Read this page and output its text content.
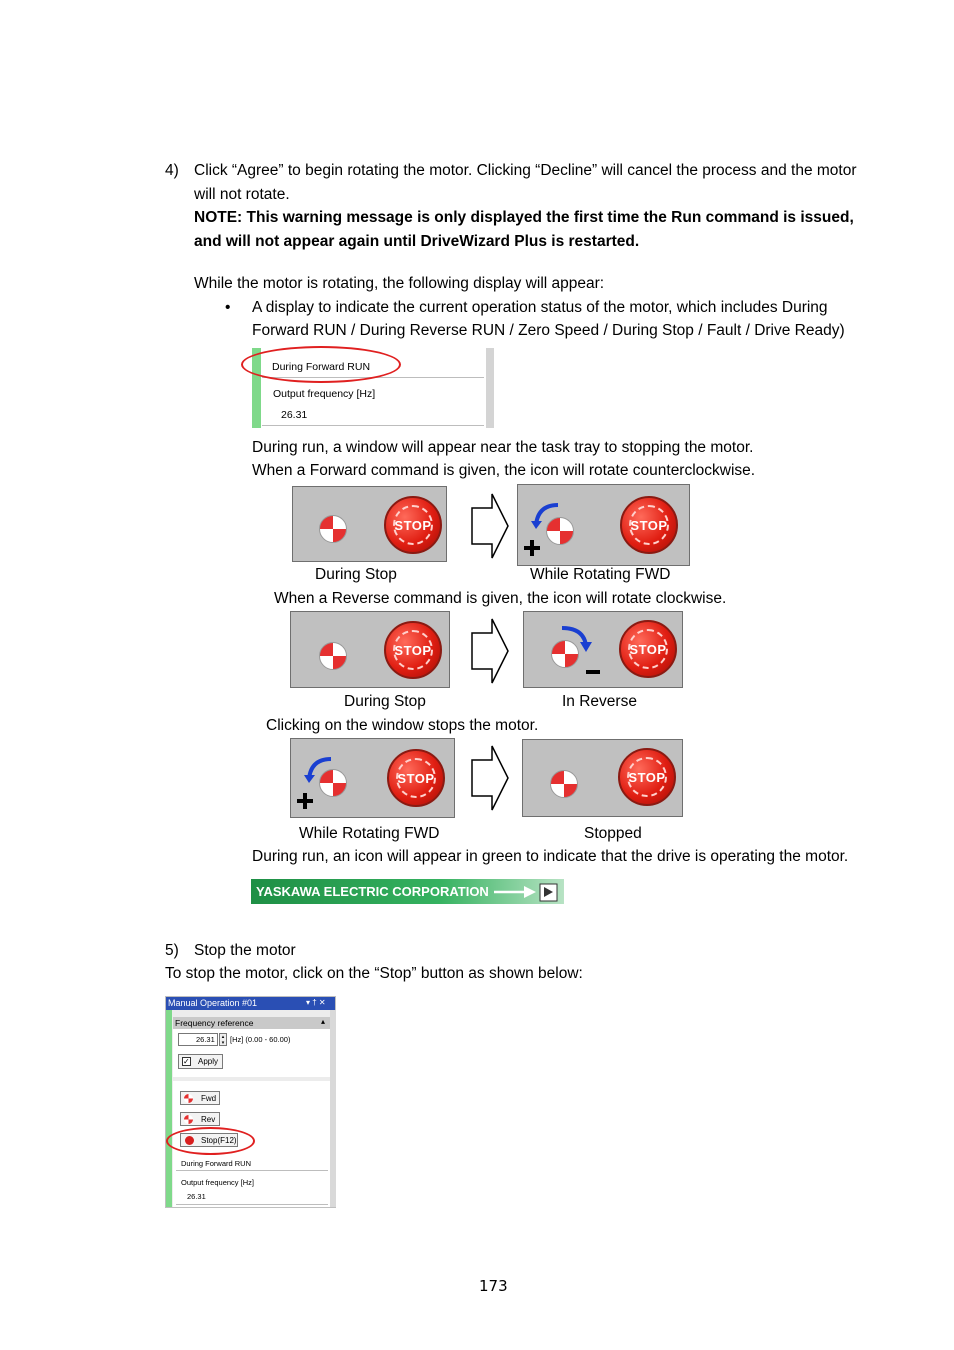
4) Click “Agree” to begin rotating the motor. Clicking “Decline” will cancel the process and the motor
will not rotate.
NOTE: This warning message is only displayed the first time the Run command is issued,
and will not appear again until DriveWizard Plus is restarted.
While the motor is rotating, the following display will appear:
• A display to indicate the current operation status of the motor, which includes During
Forward RUN / During Reverse RUN / Zero Speed / During Stop / Fault / Drive Ready)
During Forward RUN
Output frequency [Hz]
26.31
During run, a window will appear near the task tray to stopping the motor.
When a Forward command is given, the icon will rotate counterclockwise.
STOP	STOP
During Stop	While Rotating FWD
When a Reverse command is given, the icon will rotate clockwise.
STOP	STOP
During Stop	In Reverse
Clicking on the window stops the motor.
STOP	STOP
While Rotating FWD	Stopped
During run, an icon will appear in green to indicate that the drive is operating the motor.
YASKAWA ELECTRIC CORPORATION
5) Stop the motor
To stop the motor, click on the “Stop” button as shown below:
Manual Operation #01	▾ † ✕
Frequency reference	▴
26.31	▴
▾ [Hz] (0.00 - 60.00)
✓ Apply
Fwd
Rev
Stop(F12)
During Forward RUN
Output frequency [Hz]
26.31
173
